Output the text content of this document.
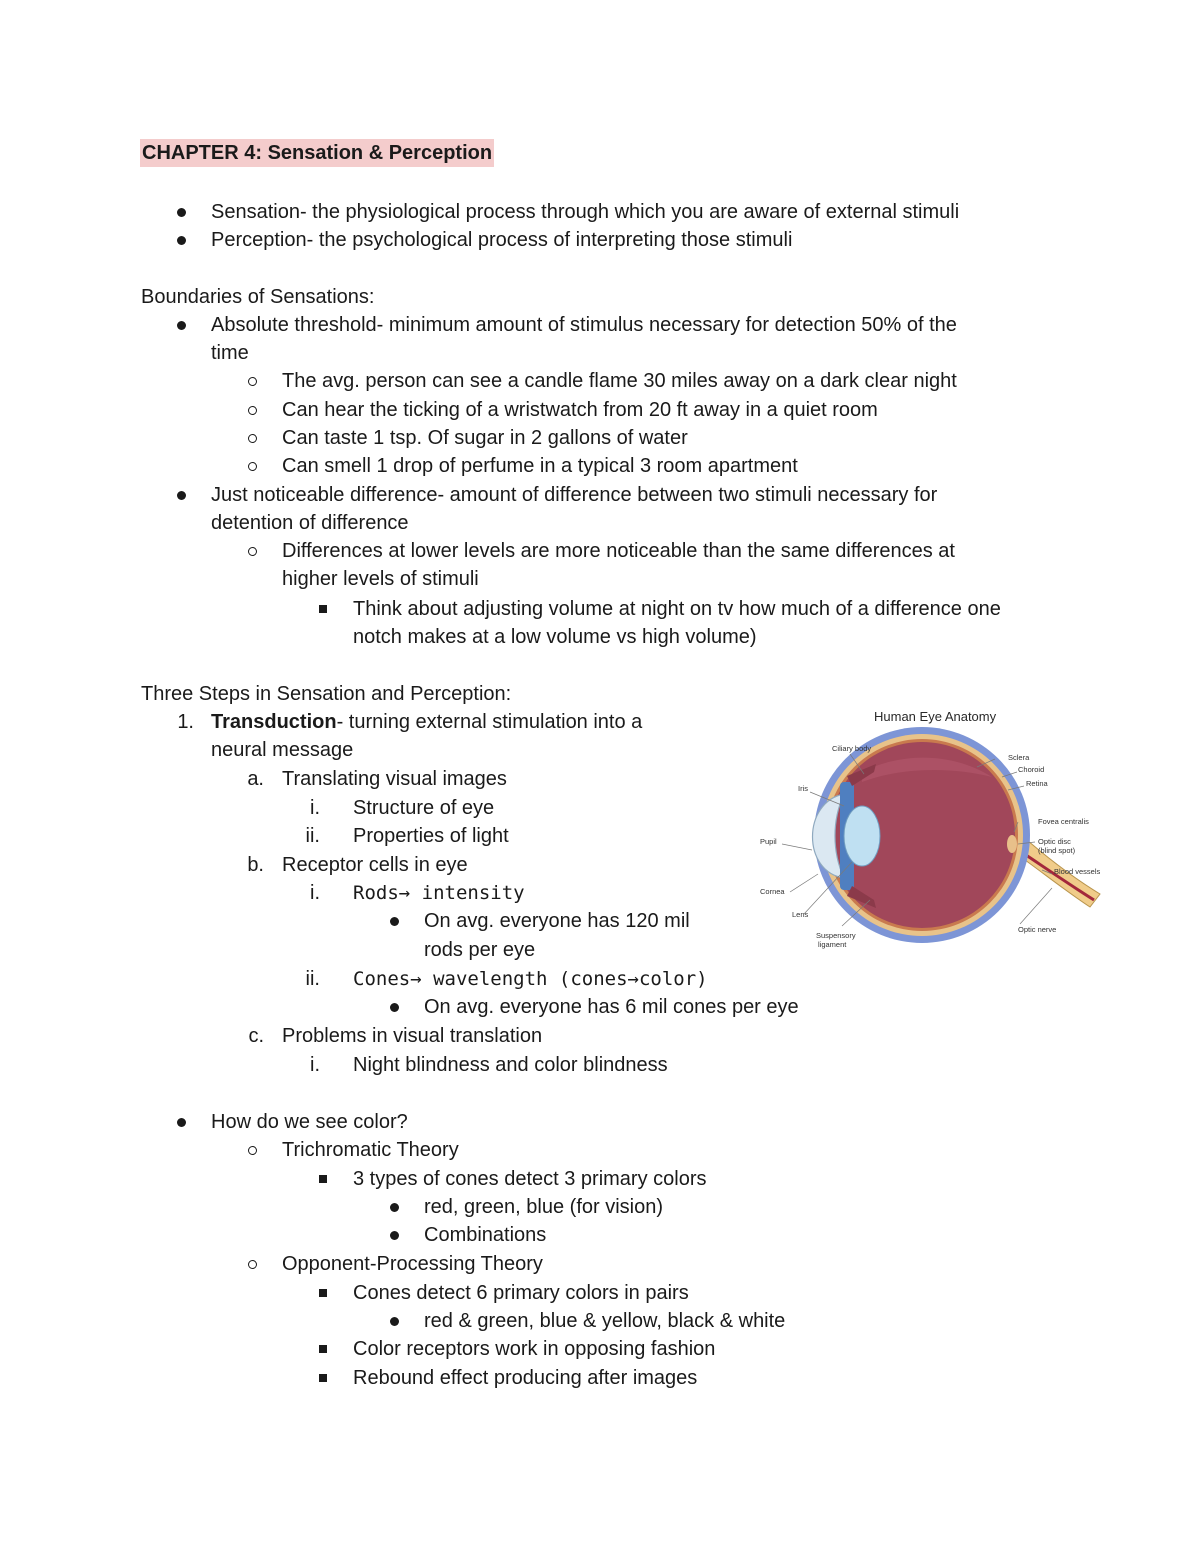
CHAPTER 4: Sensation & Perception
Sensation- the physiological process through which you are aware of external stimuli
Perception- the psychological process of interpreting those stimuli
Boundaries of Sensations:
Absolute threshold- minimum amount of stimulus necessary for detection 50% of the
time
The avg. person can see a candle flame 30 miles away on a dark clear night
Can hear the ticking of a wristwatch from 20 ft away in a quiet room
Can taste 1 tsp. Of sugar in 2 gallons of water
Can smell 1 drop of perfume in a typical 3 room apartment
Just noticeable difference- amount of difference between two stimuli necessary for
detention of difference
Differences at lower levels are more noticeable than the same differences at
higher levels of stimuli
Think about adjusting volume at night on tv how much of a difference one
notch makes at a low volume vs high volume)
Three Steps in Sensation and Perception:
1. Transduction- turning external stimulation into a
neural message
a. Translating visual images
i. Structure of eye
ii. Properties of light
b. Receptor cells in eye
i. Rods→ intensity
On avg. everyone has 120 mil
rods per eye
ii. Cones→ wavelength (cones→color)
On avg. everyone has 6 mil cones per eye
c. Problems in visual translation
i. Night blindness and color blindness
How do we see color?
Trichromatic Theory
3 types of cones detect 3 primary colors
red, green, blue (for vision)
Combinations
Opponent-Processing Theory
Cones detect 6 primary colors in pairs
red & green, blue & yellow, black & white
Color receptors work in opposing fashion
Rebound effect producing after images
Human Eye Anatomy
Ciliary body
Iris
Pupil
Cornea
Lens
Suspensory
ligament
Sclera
Choroid
Retina
Fovea centralis
Optic disc
(blind spot)
Blood vessels
Optic nerve
